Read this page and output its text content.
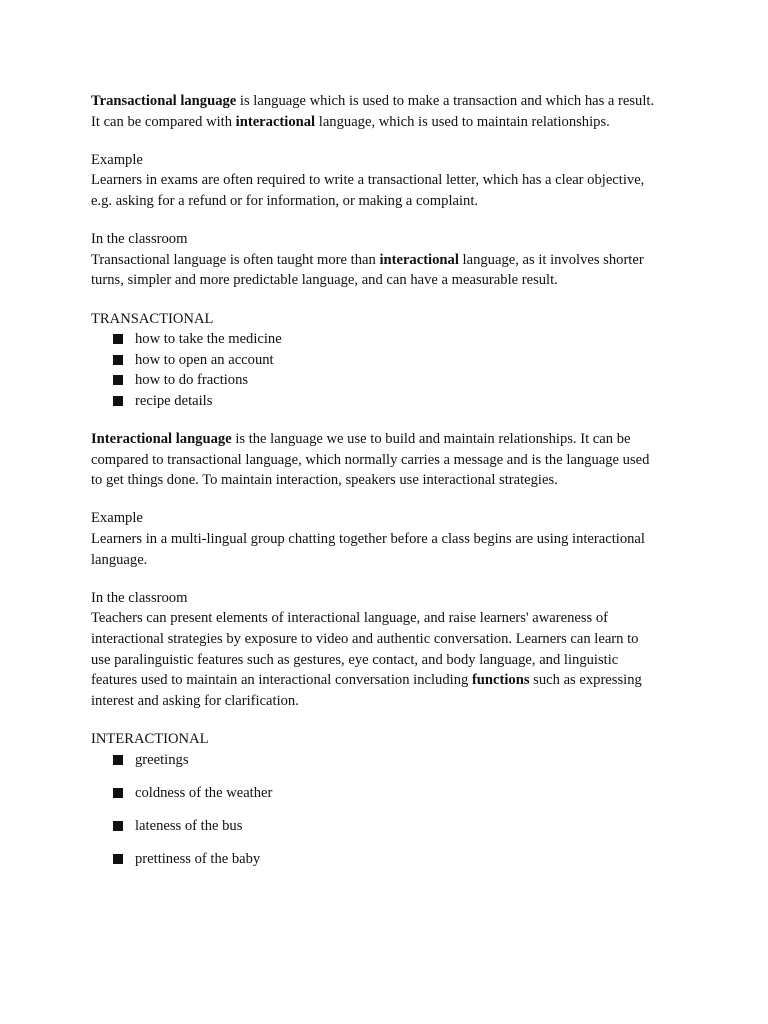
Transactional language is language which is used to make a transaction and which has a result.

It can be compared with interactional language, which is used to maintain relationships.

Example

Learners in exams are often required to write a transactional letter, which has a clear objective,

e.g. asking for a refund or for information, or making a complaint.

In the classroom

Transactional language is often taught more than interactional language, as it involves shorter

turns, simpler and more predictable language, and can have a measurable result.

TRANSACTIONAL

how to take the medicine
how to open an account
how to do fractions
recipe details

Interactional language is the language we use to build and maintain relationships. It can be

compared to transactional language, which normally carries a message and is the language used

to get things done. To maintain interaction, speakers use interactional strategies.

Example

Learners in a multi-lingual group chatting together before a class begins are using interactional

language.

In the classroom

Teachers can present elements of interactional language, and raise learners' awareness of

interactional strategies by exposure to video and authentic conversation. Learners can learn to

use paralinguistic features such as gestures, eye contact, and body language, and linguistic

features used to maintain an interactional conversation including functions such as expressing

interest and asking for clarification.

INTERACTIONAL

greetings
coldness of the weather
lateness of the bus
prettiness of the baby
